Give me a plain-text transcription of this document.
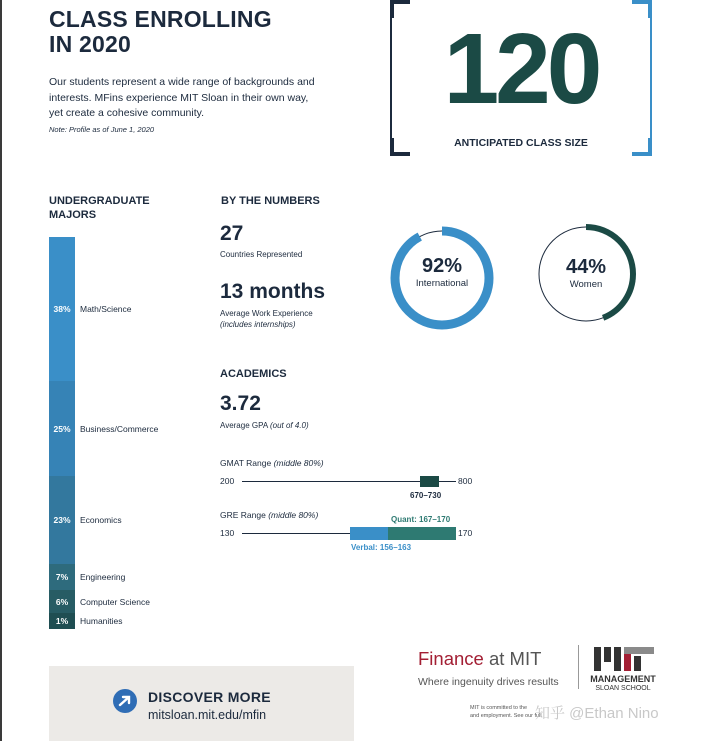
CLASS ENROLLING
IN 2020
Our students represent a wide range of backgrounds and interests. MFins experience MIT Sloan in their own way, yet create a cohesive community.
Note: Profile as of June 1, 2020
120
ANTICIPATED CLASS SIZE
UNDERGRADUATE
MAJORS
38%	Math/Science
25%	Business/Commerce
23%	Economics
7%	Engineering
6%	Computer Science
1%	Humanities
BY THE NUMBERS
27
Countries Represented
13 months
Average Work Experience
(includes internships)
92%
International
44%
Women
ACADEMICS
3.72
Average GPA (out of 4.0)
GMAT Range (middle 80%)
200	800
670–730
GRE Range (middle 80%)
130	170
Quant: 167–170
Verbal: 156–163
DISCOVER MORE
mitsloan.mit.edu/mfin
Finance at MIT
Where ingenuity drives results
MIT
MANAGEMENT
SLOAN SCHOOL
MIT is committed to the
and employment. See our full
知乎 @Ethan Nino
